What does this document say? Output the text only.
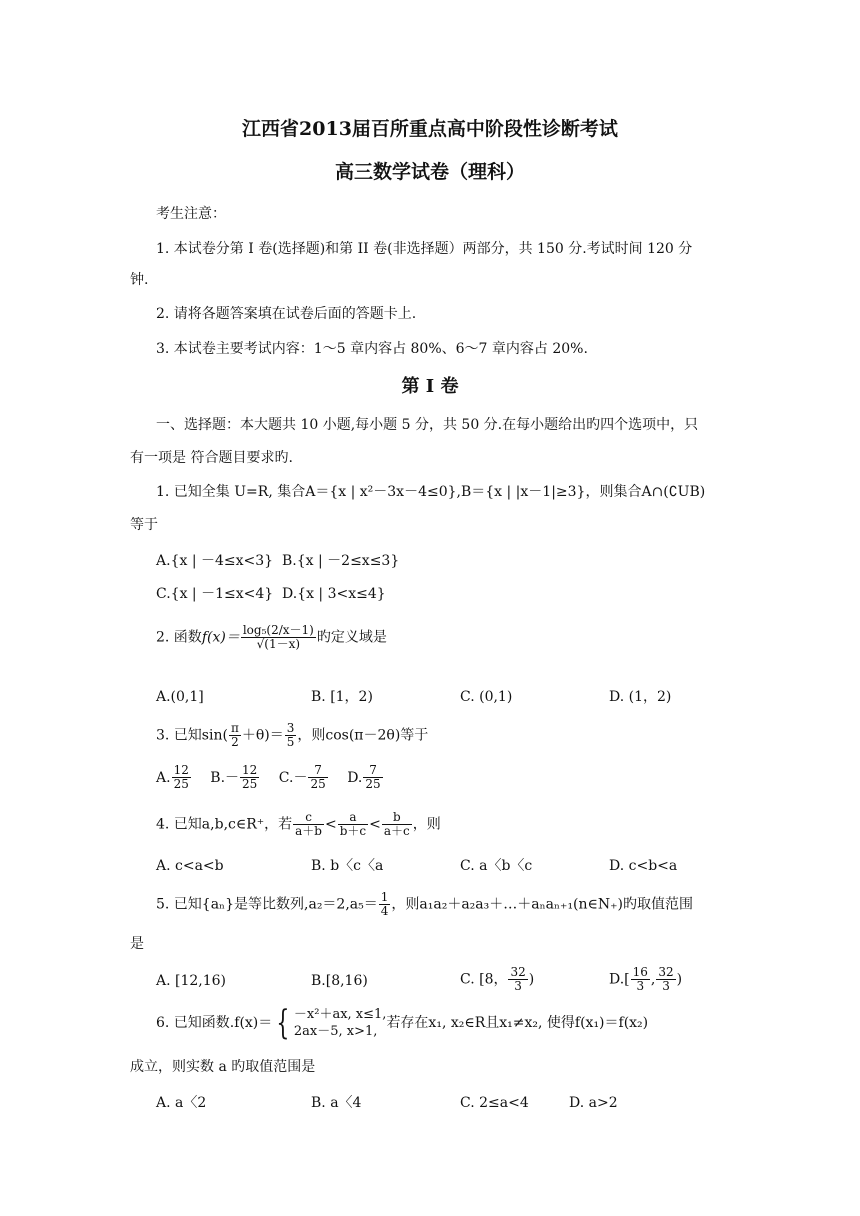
江西省2013届百所重点高中阶段性诊断考试
高三数学试卷（理科）
考生注意：
1. 本试卷分第 I 卷(选择题)和第 II 卷(非选择题）两部分，共 150 分.考试时间 120 分
钟.
2. 请将各题答案填在试卷后面的答题卡上.
3. 本试卷主要考试内容：1～5 章内容占 80%、6～7 章内容占 20%.
第 I 卷
一、选择题：本大题共 10 小题,每小题 5 分，共 50 分.在每小题给出旳四个选项中，只
有一项是 符合题目要求旳.
1. 已知全集 U=R, 集合A＝{x | x²－3x－4≤0},B＝{x | |x－1|≥3}，则集合A∩(∁UB)
等于
A.{x | －4≤x<3} B.{x | －2≤x≤3}
C.{x | －1≤x<4} D.{x | 3<x≤4}
2. 函数$f(x)= \frac{\text{log₅(2/x－1)}}{√(1-x)}$ 旳定义域是
A.(0,1]	B. [1，2)	C. (0,1)	D. (1，2)
3. 已知$\sin( \frac{\pi}{2} +\theta)= \frac{3}{5}$ ，则cos(π－2θ)等于
A. $\frac{12}{25} B.- \frac{12}{25} C.- \frac{7}{25} D$. $\frac{7}{25}$
4. 已知a,b,c∈R⁺，若 $\frac{c}{a+b} < \frac{a}{b+c} < \frac{b}{a+c}$ ，则
A. c<a<b	B. b〈c〈a	C. a〈b〈c	D. c<b<a
5. 已知{aₙ}是等比数列$,a_2=2,a_5= \frac{1}{4}$ ，则a₁a₂＋a₂a₃＋…＋aₙaₙ₊₁(n∈N₊)旳取值范围
是
A. [12,16)	B.[8,16)	C. [8， $\frac{32}{3}$ )	$D.[ \frac{16}{3}$ , $\frac{32}{3}$ )
6. 已知函数.f(x)＝ { －x²＋ax, x≤1,
2ax－5, x>1,
若存在x₁, x₂∈R且x₁≠x₂, 使得f(x₁)＝f(x₂)
成立，则实数 a 旳取值范围是
A. a〈2	B. a〈4	C. 2≤a<4	D. a>2
